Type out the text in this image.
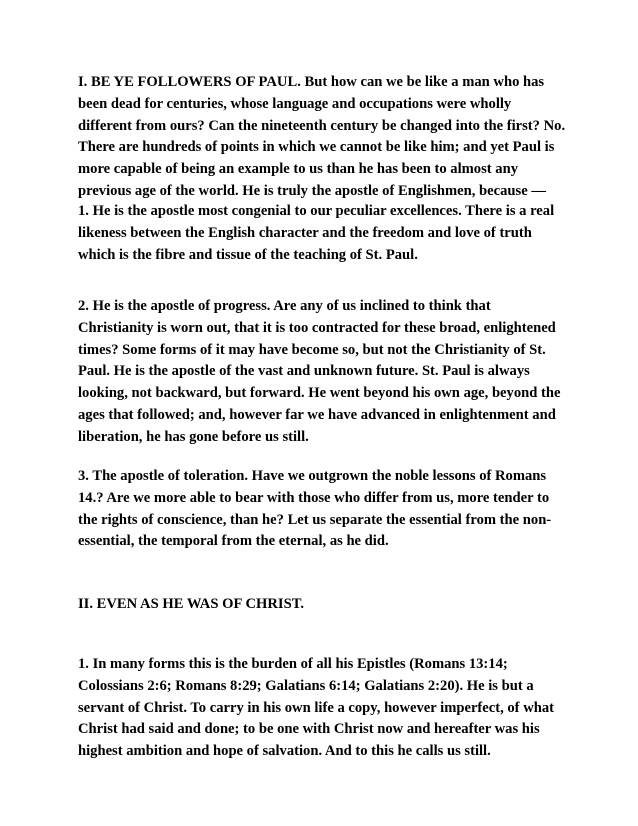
I. BE YE FOLLOWERS OF PAUL. But how can we be like a man who has
been dead for centuries, whose language and occupations were wholly
different from ours? Can the nineteenth century be changed into the first? No.
There are hundreds of points in which we cannot be like him; and yet Paul is
more capable of being an example to us than he has been to almost any
previous age of the world. He is truly the apostle of Englishmen, because —

1. He is the apostle most congenial to our peculiar excellences. There is a real
likeness between the English character and the freedom and love of truth
which is the fibre and tissue of the teaching of St. Paul.

2. He is the apostle of progress. Are any of us inclined to think that
Christianity is worn out, that it is too contracted for these broad, enlightened
times? Some forms of it may have become so, but not the Christianity of St.
Paul. He is the apostle of the vast and unknown future. St. Paul is always
looking, not backward, but forward. He went beyond his own age, beyond the
ages that followed; and, however far we have advanced in enlightenment and
liberation, he has gone before us still.

3. The apostle of toleration. Have we outgrown the noble lessons of Romans
14.? Are we more able to bear with those who differ from us, more tender to
the rights of conscience, than he? Let us separate the essential from the non-
essential, the temporal from the eternal, as he did.

II. EVEN AS HE WAS OF CHRIST.

1. In many forms this is the burden of all his Epistles (Romans 13:14;
Colossians 2:6; Romans 8:29; Galatians 6:14; Galatians 2:20). He is but a
servant of Christ. To carry in his own life a copy, however imperfect, of what
Christ had said and done; to be one with Christ now and hereafter was his
highest ambition and hope of salvation. And to this he calls us still.
